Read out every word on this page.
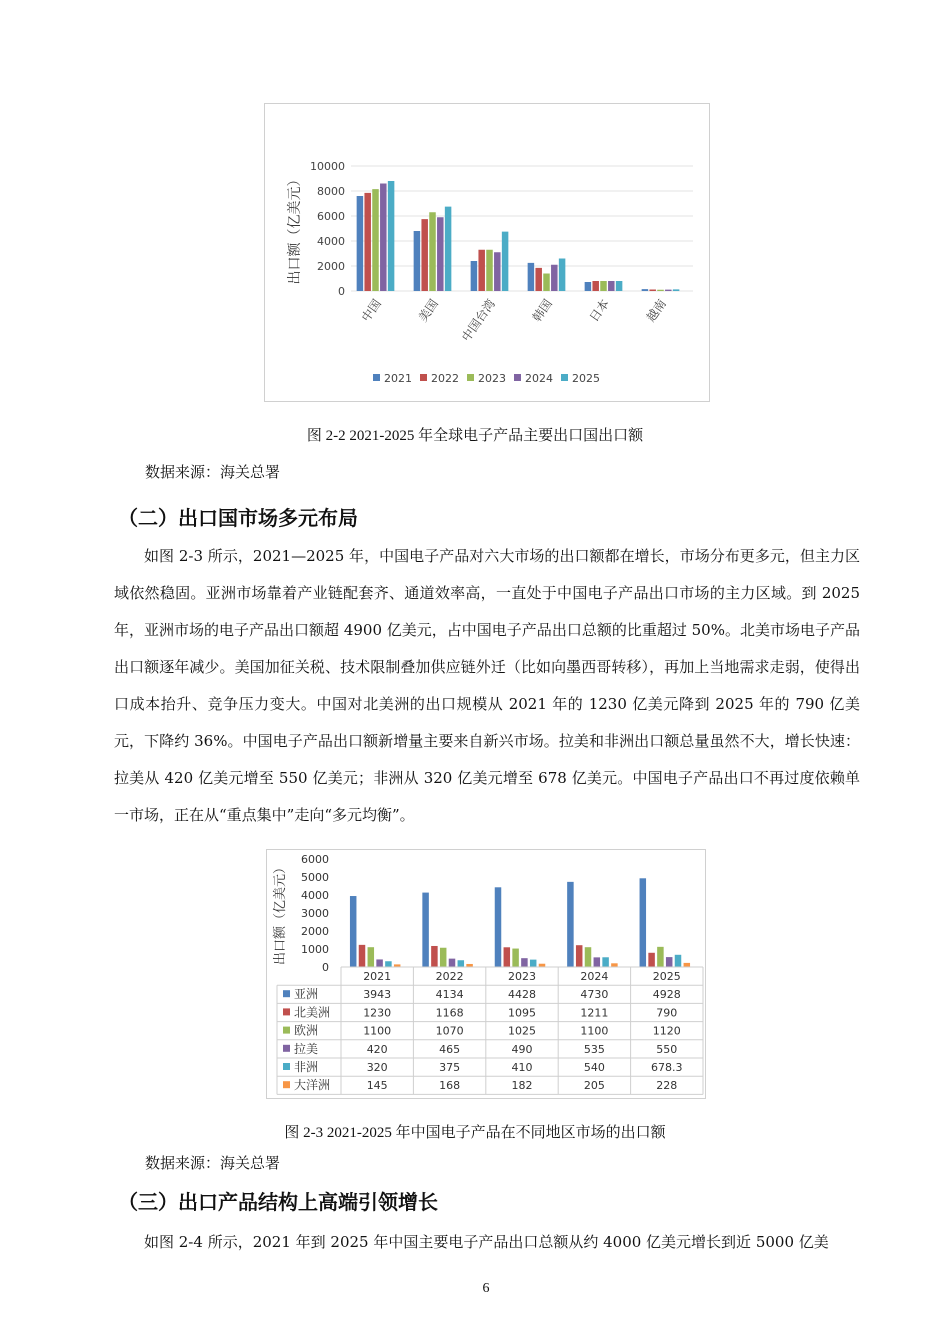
10000
8000
6000
4000
2000
0
出口额（亿美元）
中国	美国 中国台湾	韩国	日本	越南
2021 2022 2023 2024 2025
图 2-2 2021-2025 年全球电子产品主要出口国出口额
数据来源：海关总署
（二）出口国市场多元布局

如图 2-3 所示，2021—2025 年，中国电子产品对六大市场的出口额都在增长，市场分布更多元，但主力区域依然稳固。亚洲市场靠着产业链配套齐、通道效率高，一直处于中国电子产品出口市场的主力区域。到 2025 年，亚洲市场的电子产品出口额超 4900 亿美元，占中国电子产品出口总额的比重超过 50%。北美市场电子产品出口额逐年减少。美国加征关税、技术限制叠加供应链外迁（比如向墨西哥转移），再加上当地需求走弱，使得出口成本抬升、竞争压力变大。中国对北美洲的出口规模从 2021 年的 1230 亿美元降到 2025 年的 790 亿美元，下降约 36%。中国电子产品出口额新增量主要来自新兴市场。拉美和非洲出口额总量虽然不大，增长快速：拉美从 420 亿美元增至 550 亿美元；非洲从 320 亿美元增至 678 亿美元。中国电子产品出口不再过度依赖单一市场，正在从“重点集中”走向“多元均衡”。

6000
5000
4000
3000
2000
1000
0
出口额（亿美元）
2021	2022	2023	2024	2025
亚洲	3943	4134	4428	4730	4928
北美洲	1230	1168	1095	1211	790
欧洲	1100	1070	1025	1100	1120
拉美	420	465	490	535	550
非洲	320	375	410	540	678.3
大洋洲	145	168	182	205	228
图 2-3 2021-2025 年中国电子产品在不同地区市场的出口额
数据来源：海关总署
（三）出口产品结构上高端引领增长

如图 2-4 所示，2021 年到 2025 年中国主要电子产品出口总额从约 4000 亿美元增长到近 5000 亿美

6
